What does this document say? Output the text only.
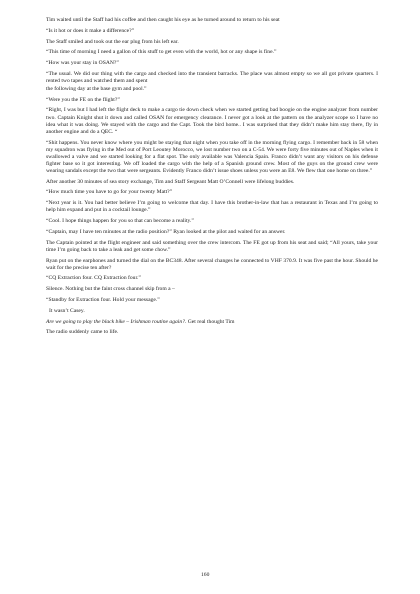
Tim waited until the Staff had his coffee and then caught his eye as he turned around to return to his seat

“Is it hot or does it make a difference?”

The Staff smiled and took out the ear plug from his left ear.

“This time of morning I need a gallon of this stuff to get even with the world, hot or any shape is fine.”

“How was your stay in OSAN?”

“The usual. We did our thing with the cargo and checked into the transient barracks. The place was almost empty so we all got private quarters. I rented two tapes and watched them and spent

the following day at the base gym and pool.”

“Were you the FE on the flight?”

“Right, I was but I had left the flight deck to make a cargo tie down check when we started getting bad boogie on the engine analyzer from number two. Captain Knight shut it down and called OSAN for emergency clearance. I never got a look at the pattern on the analyzer scope so I have no idea what it was doing. We stayed with the cargo and the Capt. Took the bird home.. I was surprised that they didn’t make him stay there, fly in another engine and do a QEC. “

“Shit happens. You never know where you might be staying that night when you take off in the morning flying cargo. I remember back in 58 when my squadron was flying in the Med out of Port Leoutey Morocco, we lost number two on a C-54. We were forty five minutes out of Naples when it swallowed a valve and we started looking for a flat spot. The only available was Valencia Spain. Franco didn’t want any visitors on his defense fighter base so it got interesting. We off loaded the cargo with the help of a Spanish ground crew. Most of the guys on the ground crew were wearing sandals except the two that were sergeants. Evidently Franco didn’t issue shoes unless you were an E8. We flew that one home on three.”

After another 30 minutes of sea story exchange, Tim and Staff Sergeant Matt O’Connell were lifelong buddies.

“How much time you have to go for your twenty Matt?”

“Next year is it. You had better believe I’m going to welcome that day. I have this brother-in-law that has a restaurant in Texas and I’m going to help him expand and put in a cocktail lounge.”

“Cool. I hope things happen for you so that can become a reality.”

“Captain, may I have ten minutes at the radio position?” Ryan looked at the pilot and waited for an answer.

The Captain pointed at the flight engineer and said something over the crew intercom. The FE got up from his seat and said; “All yours, take your time I’m going back to take a leak and get some chow.”

Ryan put on the earphones and turned the dial on the BC348. After several changes he connected to VHF 370.9. It was five past the hour. Should he wait for the precise ten after?

“CQ Extraction four. CQ Extraction four.”

Silence. Nothing but the faint cross channel skip from a –

“Standby for Extraction four. Hold your message.”

It wasn’t Casey.

Are we going to play the black bike – Irishman routine again?. Get real thought Tim

The radio suddenly came to life.

160
